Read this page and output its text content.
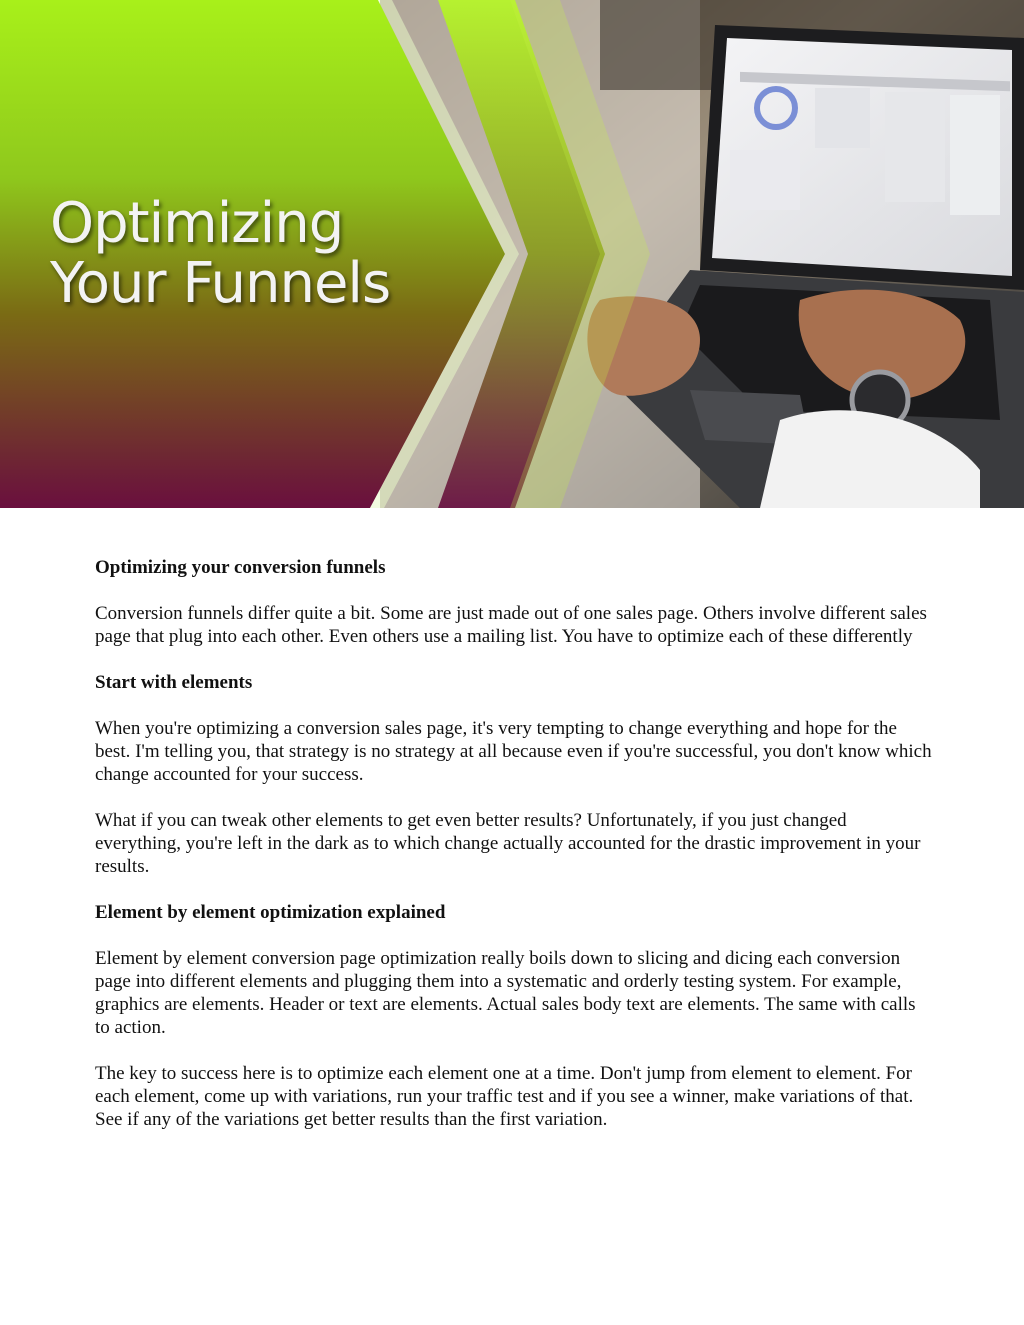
Optimizing
Your Funnels
Optimizing your conversion funnels

Conversion funnels differ quite a bit. Some are just made out of one sales page. Others involve different sales page that plug into each other. Even others use a mailing list. You have to optimize each of these differently

Start with elements

When you're optimizing a conversion sales page, it's very tempting to change everything and hope for the best. I'm telling you, that strategy is no strategy at all because even if you're successful, you don't know which change accounted for your success.

What if you can tweak other elements to get even better results? Unfortunately, if you just changed everything, you're left in the dark as to which change actually accounted for the drastic improvement in your results.

Element by element optimization explained

Element by element conversion page optimization really boils down to slicing and dicing each conversion page into different elements and plugging them into a systematic and orderly testing system. For example, graphics are elements. Header or text are elements. Actual sales body text are elements. The same with calls to action.

The key to success here is to optimize each element one at a time. Don't jump from element to element. For each element, come up with variations, run your traffic test and if you see a winner, make variations of that. See if any of the variations get better results than the first variation.
